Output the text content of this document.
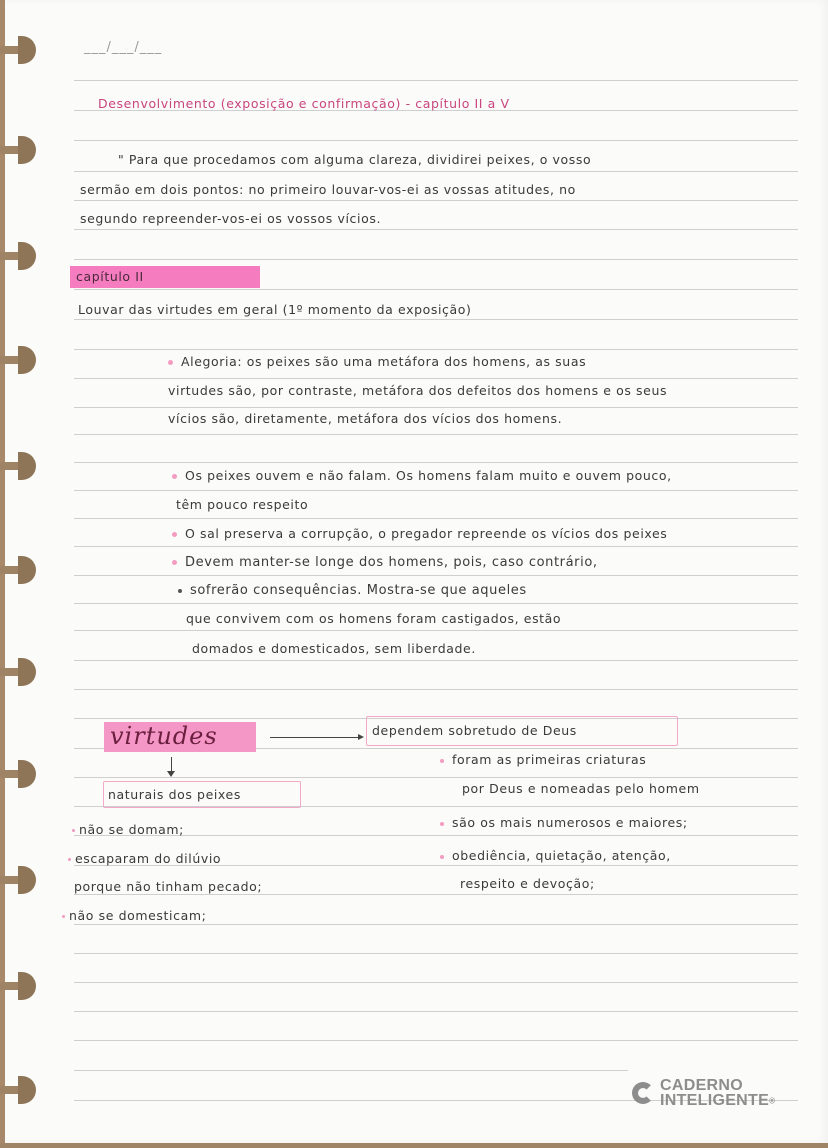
___/___/___
Desenvolvimento (exposição e confirmação) - capítulo II a V
" Para que procedamos com alguma clareza, dividirei peixes, o vosso
sermão em dois pontos: no primeiro louvar-vos-ei as vossas atitudes, no
segundo repreender-vos-ei os vossos vícios.
capítulo II
Louvar das virtudes em geral (1º momento da exposição)
Alegoria: os peixes são uma metáfora dos homens, as suas
virtudes são, por contraste, metáfora dos defeitos dos homens e os seus
vícios são, diretamente, metáfora dos vícios dos homens.
Os peixes ouvem e não falam. Os homens falam muito e ouvem pouco,
têm pouco respeito
O sal preserva a corrupção, o pregador repreende os vícios dos peixes
Devem manter-se longe dos homens, pois, caso contrário,
sofrerão consequências. Mostra-se que aqueles
que convivem com os homens foram castigados, estão
domados e domesticados, sem liberdade.
virtudes	dependem sobretudo de Deus
naturais dos peixes
não se domam;
escaparam do dilúvio
porque não tinham pecado;
não se domesticam;
foram as primeiras criaturas
por Deus e nomeadas pelo homem
são os mais numerosos e maiores;
obediência, quietação, atenção,
respeito e devoção;
CADERNO
INTELIGENTE®
